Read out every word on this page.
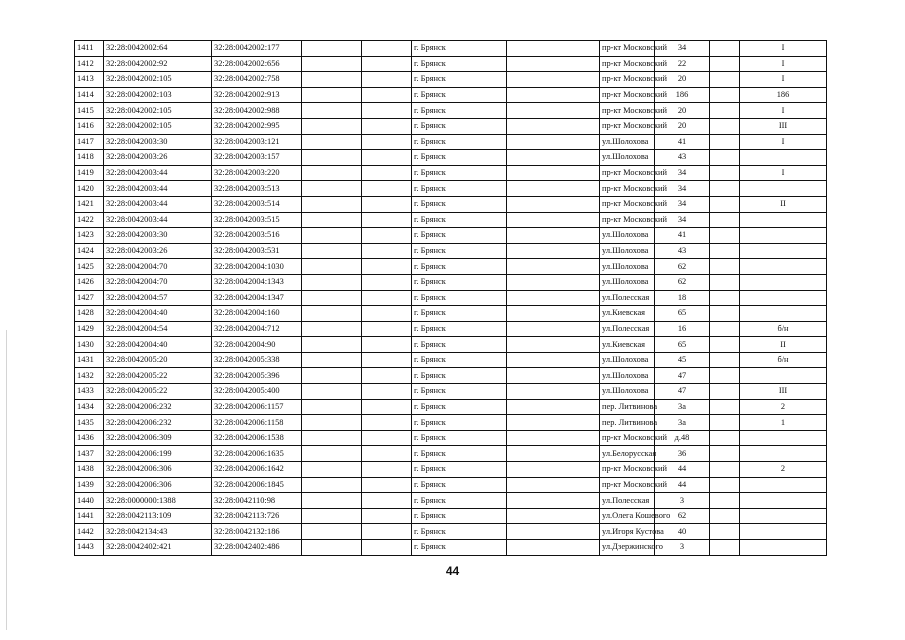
1411	32:28:0042002:64	32:28:0042002:177			г. Брянск		пр-кт Московский	34		I
1412	32:28:0042002:92	32:28:0042002:656			г. Брянск		пр-кт Московский	22		I
1413	32:28:0042002:105	32:28:0042002:758			г. Брянск		пр-кт Московский	20		I
1414	32:28:0042002:103	32:28:0042002:913			г. Брянск		пр-кт Московский	186		186
1415	32:28:0042002:105	32:28:0042002:988			г. Брянск		пр-кт Московский	20		I
1416	32:28:0042002:105	32:28:0042002:995			г. Брянск		пр-кт Московский	20		III
1417	32:28:0042003:30	32:28:0042003:121			г. Брянск		ул.Шолохова	41		I
1418	32:28:0042003:26	32:28:0042003:157			г. Брянск		ул.Шолохова	43		
1419	32:28:0042003:44	32:28:0042003:220			г. Брянск		пр-кт Московский	34		I
1420	32:28:0042003:44	32:28:0042003:513			г. Брянск		пр-кт Московский	34		
1421	32:28:0042003:44	32:28:0042003:514			г. Брянск		пр-кт Московский	34		II
1422	32:28:0042003:44	32:28:0042003:515			г. Брянск		пр-кт Московский	34		
1423	32:28:0042003:30	32:28:0042003:516			г. Брянск		ул.Шолохова	41		
1424	32:28:0042003:26	32:28:0042003:531			г. Брянск		ул.Шолохова	43		
1425	32:28:0042004:70	32:28:0042004:1030			г. Брянск		ул.Шолохова	62		
1426	32:28:0042004:70	32:28:0042004:1343			г. Брянск		ул.Шолохова	62		
1427	32:28:0042004:57	32:28:0042004:1347			г. Брянск		ул.Полесская	18		
1428	32:28:0042004:40	32:28:0042004:160			г. Брянск		ул.Киевская	65		
1429	32:28:0042004:54	32:28:0042004:712			г. Брянск		ул.Полесская	16		б/н
1430	32:28:0042004:40	32:28:0042004:90			г. Брянск		ул.Киевская	65		II
1431	32:28:0042005:20	32:28:0042005:338			г. Брянск		ул.Шолохова	45		б/н
1432	32:28:0042005:22	32:28:0042005:396			г. Брянск		ул.Шолохова	47		
1433	32:28:0042005:22	32:28:0042005:400			г. Брянск		ул.Шолохова	47		III
1434	32:28:0042006:232	32:28:0042006:1157			г. Брянск		пер. Литвинова	3а		2
1435	32:28:0042006:232	32:28:0042006:1158			г. Брянск		пер. Литвинова	3а		1
1436	32:28:0042006:309	32:28:0042006:1538			г. Брянск		пр-кт Московский	д.48		
1437	32:28:0042006:199	32:28:0042006:1635			г. Брянск		ул.Белорусская	36		
1438	32:28:0042006:306	32:28:0042006:1642			г. Брянск		пр-кт Московский	44		2
1439	32:28:0042006:306	32:28:0042006:1845			г. Брянск		пр-кт Московский	44		
1440	32:28:0000000:1388	32:28:0042110:98			г. Брянск		ул.Полесская	3		
1441	32:28:0042113:109	32:28:0042113:726			г. Брянск		ул.Олега Кошевого	62		
1442	32:28:0042134:43	32:28:0042132:186			г. Брянск		ул.Игоря Кустова	40		
1443	32:28:0042402:421	32:28:0042402:486			г. Брянск		ул.Дзержинского	3		
44
